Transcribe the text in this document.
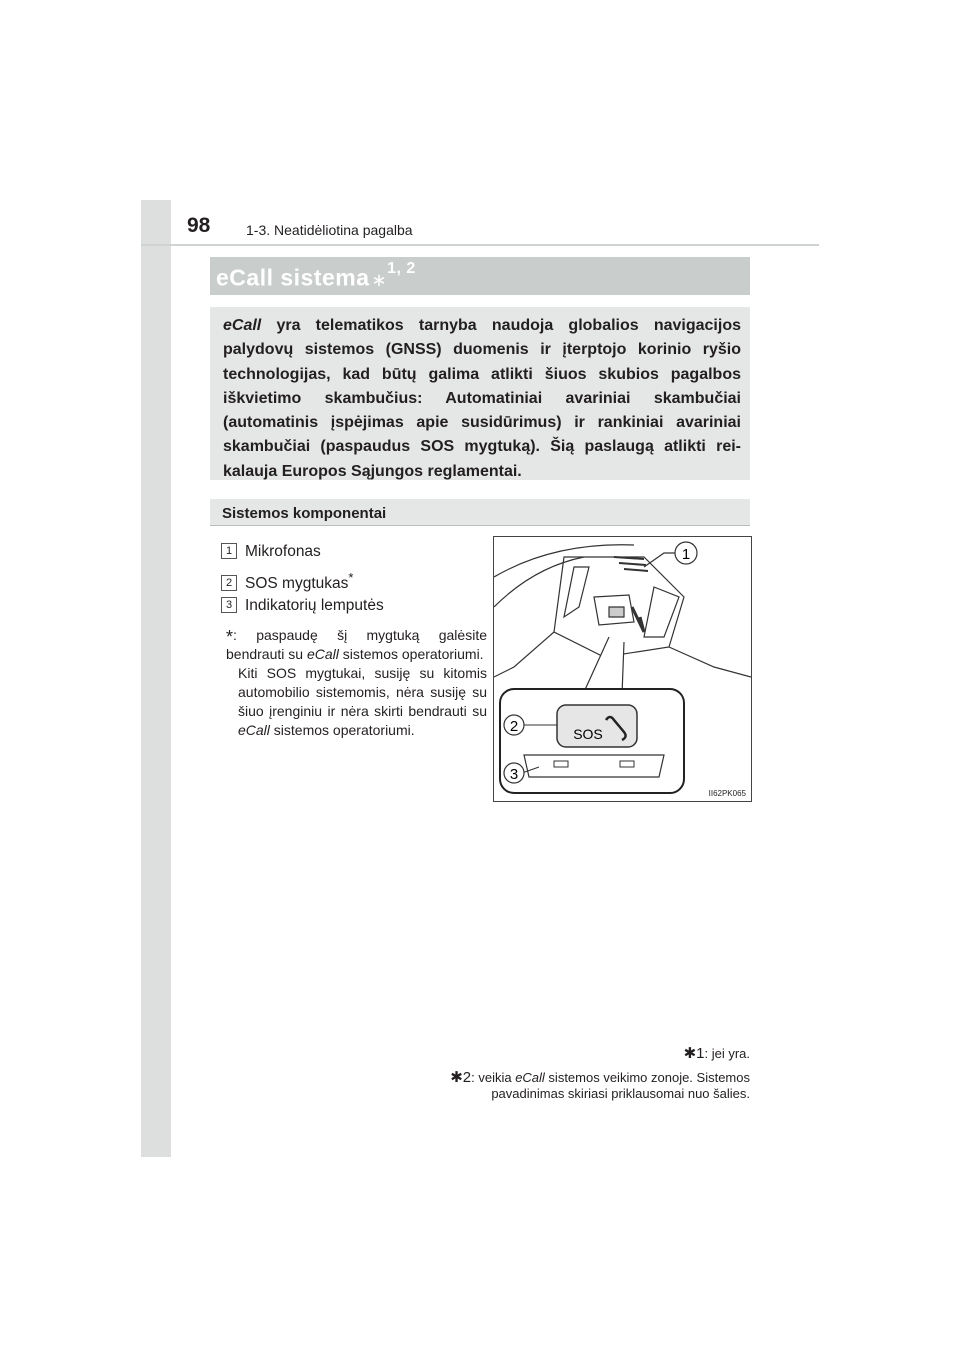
98	1-3. Neatidėliotina pagalba
eCall sistema ∗$^{1, 2}$
eCall yra telematikos tarnyba naudoja globalios navigacijos palydovų sistemos (GNSS) duomenis ir įterptojo korinio ryšio technologijas, kad būtų galima atlikti šiuos skubios pagalbos iškvietimo skambučius: Automatiniai avariniai skambučiai (automatinis įspėjimas apie susidūrimus) ir rankiniai avariniai skambučiai (paspaudus SOS mygtuką). Šią paslaugą atlikti reikalauja Europos Sąjungos reglamentai.
Sistemos komponentai
1 Mikrofonas
2 SOS mygtukas*
3 Indikatorių lemputės

*: paspaudę šį mygtuką galėsite bendrauti su eCall sistemos operatoriumi.

Kiti SOS mygtukai, susiję su kitomis automobilio sistemomis, nėra susiję su šiuo įrenginiu ir nėra skirti bendrauti su eCall sistemos operatoriumi.

1
SOS
2
3
II62PK065
✱1: jei yra.
✱2: veikia eCall sistemos veikimo zonoje. Sistemos pavadinimas skiriasi priklausomai nuo šalies.
